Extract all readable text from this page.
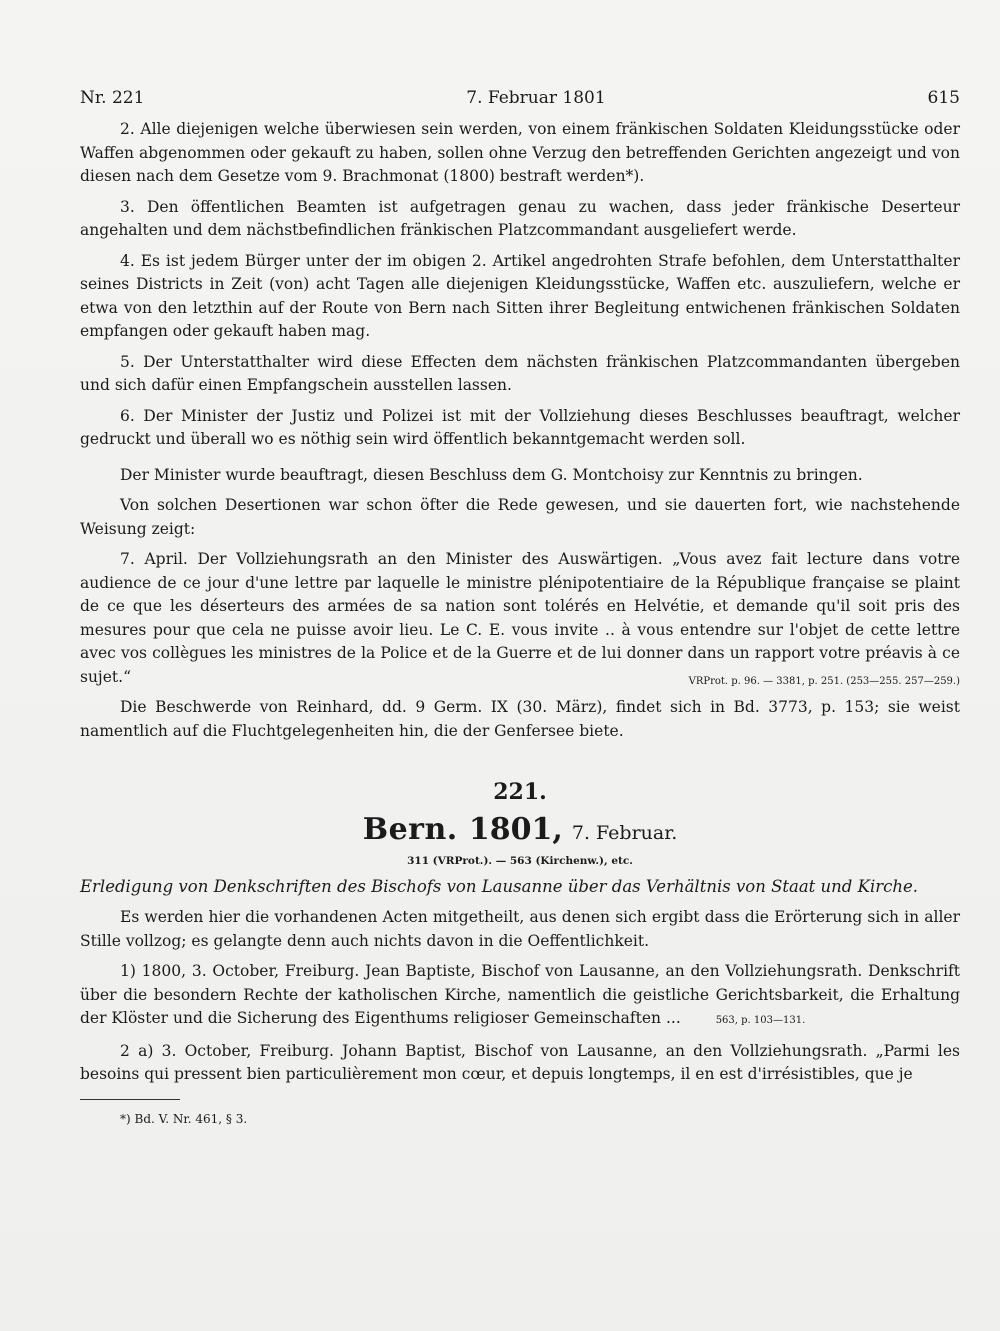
Nr. 221	7. Februar 1801	615

2. Alle diejenigen welche überwiesen sein werden, von einem fränkischen Soldaten Kleidungsstücke oder Waffen abgenommen oder gekauft zu haben, sollen ohne Verzug den betreffenden Gerichten angezeigt und von diesen nach dem Gesetze vom 9. Brachmonat (1800) bestraft werden*).

3. Den öffentlichen Beamten ist aufgetragen genau zu wachen, dass jeder fränkische Deserteur angehalten und dem nächstbefindlichen fränkischen Platzcommandant ausgeliefert werde.

4. Es ist jedem Bürger unter der im obigen 2. Artikel angedrohten Strafe befohlen, dem Unterstatthalter seines Districts in Zeit (von) acht Tagen alle diejenigen Kleidungsstücke, Waffen etc. auszuliefern, welche er etwa von den letzthin auf der Route von Bern nach Sitten ihrer Begleitung entwichenen fränkischen Soldaten empfangen oder gekauft haben mag.

5. Der Unterstatthalter wird diese Effecten dem nächsten fränkischen Platzcommandanten übergeben und sich dafür einen Empfangschein ausstellen lassen.

6. Der Minister der Justiz und Polizei ist mit der Vollziehung dieses Beschlusses beauftragt, welcher gedruckt und überall wo es nöthig sein wird öffentlich bekanntgemacht werden soll.

Der Minister wurde beauftragt, diesen Beschluss dem G. Montchoisy zur Kenntnis zu bringen.

Von solchen Desertionen war schon öfter die Rede gewesen, und sie dauerten fort, wie nachstehende Weisung zeigt:

7. April. Der Vollziehungsrath an den Minister des Auswärtigen. „Vous avez fait lecture dans votre audience de ce jour d'une lettre par laquelle le ministre plénipotentiaire de la République française se plaint de ce que les déserteurs des armées de sa nation sont tolérés en Helvétie, et demande qu'il soit pris des mesures pour que cela ne puisse avoir lieu. Le C. E. vous invite .. à vous entendre sur l'objet de cette lettre avec vos collègues les ministres de la Police et de la Guerre et de lui donner dans un rapport votre préavis à ce sujet.“	VRProt. p. 96. — 3381, p. 251. (253—255. 257—259.)

Die Beschwerde von Reinhard, dd. 9 Germ. IX (30. März), findet sich in Bd. 3773, p. 153; sie weist namentlich auf die Fluchtgelegenheiten hin, die der Genfersee biete.

221.
Bern. 1801, 7. Februar.
311 (VRProt.). — 563 (Kirchenw.), etc.

Erledigung von Denkschriften des Bischofs von Lausanne über das Verhältnis von Staat und Kirche.

Es werden hier die vorhandenen Acten mitgetheilt, aus denen sich ergibt dass die Erörterung sich in aller Stille vollzog; es gelangte denn auch nichts davon in die Oeffentlichkeit.

1) 1800, 3. October, Freiburg. Jean Baptiste, Bischof von Lausanne, an den Vollziehungsrath. Denkschrift über die besondern Rechte der katholischen Kirche, namentlich die geistliche Gerichtsbarkeit, die Erhaltung der Klöster und die Sicherung des Eigenthums religioser Gemeinschaften ...	563, p. 103—131.

2 a) 3. October, Freiburg. Johann Baptist, Bischof von Lausanne, an den Vollziehungsrath. „Parmi les besoins qui pressent bien particulièrement mon cœur, et depuis longtemps, il en est d'irrésistibles, que je

*) Bd. V. Nr. 461, § 3.
